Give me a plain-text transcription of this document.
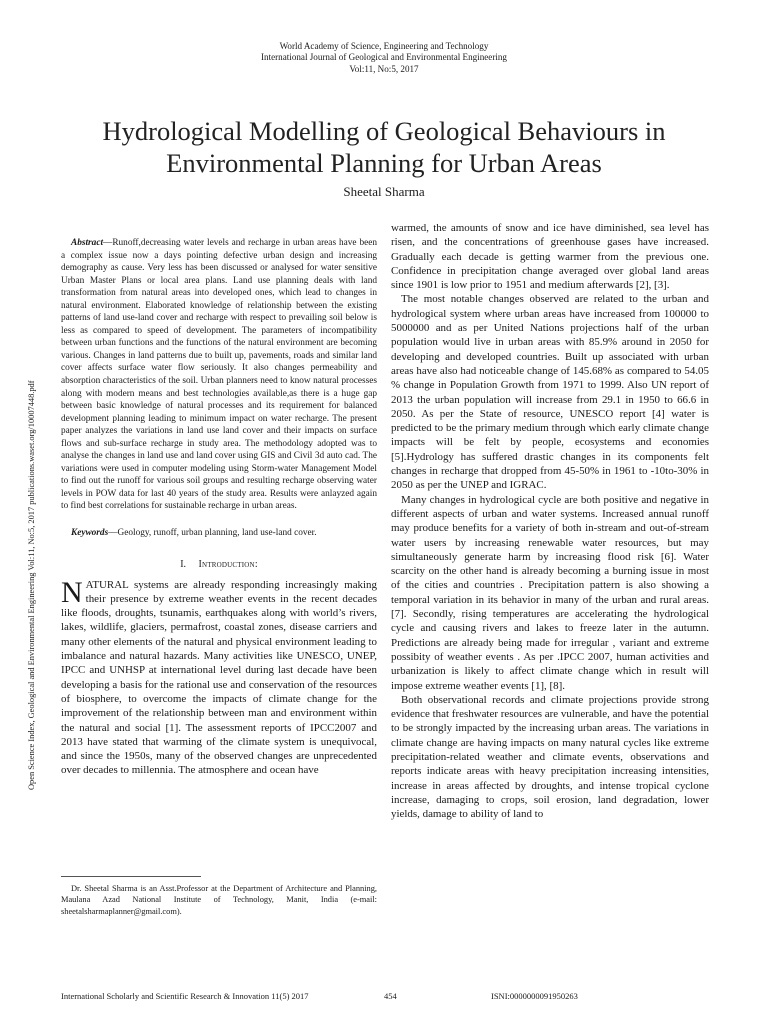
World Academy of Science, Engineering and Technology
International Journal of Geological and Environmental Engineering
Vol:11, No:5, 2017
Hydrological Modelling of Geological Behaviours in
Environmental Planning for Urban Areas
Sheetal Sharma
Open Science Index, Geological and Environmental Engineering Vol:11, No:5, 2017 publications.waset.org/10007448.pdf

Abstract—Runoff,decreasing water levels and recharge in urban areas have been a complex issue now a days pointing defective urban design and increasing demography as cause. Very less has been discussed or analysed for water sensitive Urban Master Plans or local area plans. Land use planning deals with land transformation from natural areas into developed ones, which lead to changes in natural environment. Elaborated knowledge of relationship between the existing patterns of land use-land cover and recharge with respect to prevailing soil below is less as compared to speed of development. The parameters of incompatibility between urban functions and the functions of the natural environment are becoming various. Changes in land patterns due to built up, pavements, roads and similar land cover affects surface water flow seriously. It also changes permeability and absorption characteristics of the soil. Urban planners need to know natural processes along with modern means and best technologies available,as there is a huge gap between basic knowledge of natural processes and its requirement for balanced development planning leading to minimum impact on water recharge. The present paper analyzes the variations in land use land cover and their impacts on surface flows and sub-surface recharge in study area. The methodology adopted was to analyse the changes in land use and land cover using GIS and Civil 3d auto cad. The variations were used in computer modeling using Storm-water Management Model to find out the runoff for various soil groups and resulting recharge observing water levels in POW data for last 40 years of the study area. Results were anlayzed again to find best correlations for sustainable recharge in urban areas.

Keywords—Geology, runoff, urban planning, land use-land cover.

I. Introduction:

NATURAL systems are already responding increasingly making their presence by extreme weather events in the recent decades like floods, droughts, tsunamis, earthquakes along with world’s rivers, lakes, wildlife, glaciers, permafrost, coastal zones, disease carriers and many other elements of the natural and physical environment leading to imbalance and natural hazards. Many activities like UNESCO, UNEP, IPCC and UNHSP at international level during last decade have been developing a basis for the rational use and conservation of the resources of biosphere, to overcome the impacts of climate change for the improvement of the relationship between man and environment within the natural and social [1]. The assessment reports of IPCC2007 and 2013 have stated that warming of the climate system is unequivocal, and since the 1950s, many of the observed changes are unprecedented over decades to millennia. The atmosphere and ocean have

Dr. Sheetal Sharma is an Asst.Professor at the Department of Architecture and Planning, Maulana Azad National Institute of Technology, Manit, India (e-mail: sheetalsharmaplanner@gmail.com).

warmed, the amounts of snow and ice have diminished, sea level has risen, and the concentrations of greenhouse gases have increased. Gradually each decade is getting warmer from the previous one. Confidence in precipitation change averaged over global land areas since 1901 is low prior to 1951 and medium afterwards [2], [3].

The most notable changes observed are related to the urban and hydrological system where urban areas have increased from 100000 to 5000000 and as per United Nations projections half of the urban population would live in urban areas with 85.9% around in 2050 for developing and developed countries. Built up associated with urban areas have also had noticeable change of 145.68% as compared to 54.05 % change in Population Growth from 1971 to 1999. Also UN report of 2013 the urban population will increase from 29.1 in 1950 to 66.6 in 2050. As per the State of resource, UNESCO report [4] water is predicted to be the primary medium through which early climate change impacts will be felt by people, ecosystems and economies [5].Hydrology has suffered drastic changes in its components felt changes in recharge that dropped from 45-50% in 1961 to -10to-30% in 2050 as per the UNEP and IGRAC.

Many changes in hydrological cycle are both positive and negative in different aspects of urban and water systems. Increased annual runoff may produce benefits for a variety of both in-stream and out-of-stream water users by increasing renewable water resources, but may simultaneously generate harm by increasing flood risk [6]. Water scarcity on the other hand is already becoming a burning issue in most of the cities and countries . Precipitation pattern is also showing a temporal variation in its behavior in many of the urban and rural areas. [7]. Secondly, rising temperatures are accelerating the hydrological cycle and causing rivers and lakes to freeze later in the autumn. Predictions are already being made for irregular , variant and extreme possibity of weather events . As per .IPCC 2007, human activities and urbanization is likely to affect climate change which in result will impose extreme weather events [1], [8].

Both observational records and climate projections provide strong evidence that freshwater resources are vulnerable, and have the potential to be strongly impacted by the increasing urban areas. The variations in climate change are having impacts on many natural cycles like extreme precipitation-related weather and climate events, observations and reports indicate areas with heavy precipitation increasing intensities, increase in areas affected by droughts, and intense tropical cyclone increase, damaging to crops, soil erosion, land degradation, lower yields, damage to ability of land to

International Scholarly and Scientific Research & Innovation 11(5) 2017	454	ISNI:0000000091950263
